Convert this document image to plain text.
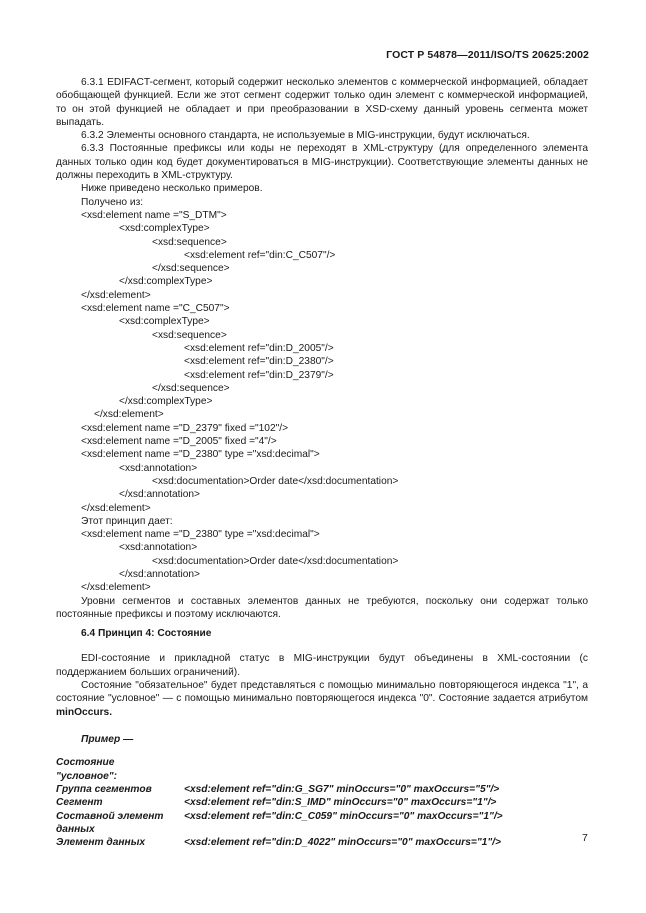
ГОСТ Р 54878—2011/ISO/TS 20625:2002

6.3.1 EDIFACT-сегмент, который содержит несколько элементов с коммерческой информацией, обладает обобщающей функцией. Если же этот сегмент содержит только один элемент с коммерческой информацией, то он этой функцией не обладает и при преобразовании в XSD-схему данный уровень сегмента может выпадать.

6.3.2 Элементы основного стандарта, не используемые в MIG-инструкции, будут исключаться.

6.3.3 Постоянные префиксы или коды не переходят в XML-структуру (для определенного элемента данных только один код будет документироваться в MIG-инструкции). Соответствующие элементы данных не должны переходить в XML-структуру.

Ниже приведено несколько примеров.

Получено из:

<xsd:element name ="S_DTM">

<xsd:complexType>

<xsd:sequence>

<xsd:element ref="din:C_C507"/>

</xsd:sequence>

</xsd:complexType>

</xsd:element>

<xsd:element name ="C_C507">

<xsd:complexType>

<xsd:sequence>

<xsd:element ref="din:D_2005"/>

<xsd:element ref="din:D_2380"/>

<xsd:element ref="din:D_2379"/>

</xsd:sequence>

</xsd:complexType>

</xsd:element>

<xsd:element name ="D_2379" fixed ="102"/>

<xsd:element name ="D_2005" fixed ="4"/>

<xsd:element name ="D_2380" type ="xsd:decimal">

<xsd:annotation>

<xsd:documentation>Order date</xsd:documentation>

</xsd:annotation>

</xsd:element>

Этот принцип дает:

<xsd:element name ="D_2380" type ="xsd:decimal">

<xsd:annotation>

<xsd:documentation>Order date</xsd:documentation>

</xsd:annotation>

</xsd:element>

Уровни сегментов и составных элементов данных не требуются, поскольку они содержат только постоянные префиксы и поэтому исключаются.

6.4 Принцип 4: Состояние

EDI-состояние и прикладной статус в MIG-инструкции будут объединены в XML-состоянии (с поддержанием больших ограничений).

Состояние "обязательное" будет представляться с помощью минимально повторяющегося индекса "1", а состояние "условное" — с помощью минимально повторяющегося индекса "0". Состояние задается атрибутом minOccurs.

Пример —

Состояние
"условное":
Группа сегментов	<xsd:element ref="din:G_SG7" minOccurs="0" maxOccurs="5"/>
Сегмент	<xsd:element ref="din:S_IMD" minOccurs="0" maxOccurs="1"/>
Составной элемент	<xsd:element ref="din:C_C059" minOccurs="0" maxOccurs="1"/>
данных
Элемент данных	<xsd:element ref="din:D_4022" minOccurs="0" maxOccurs="1"/>	7
